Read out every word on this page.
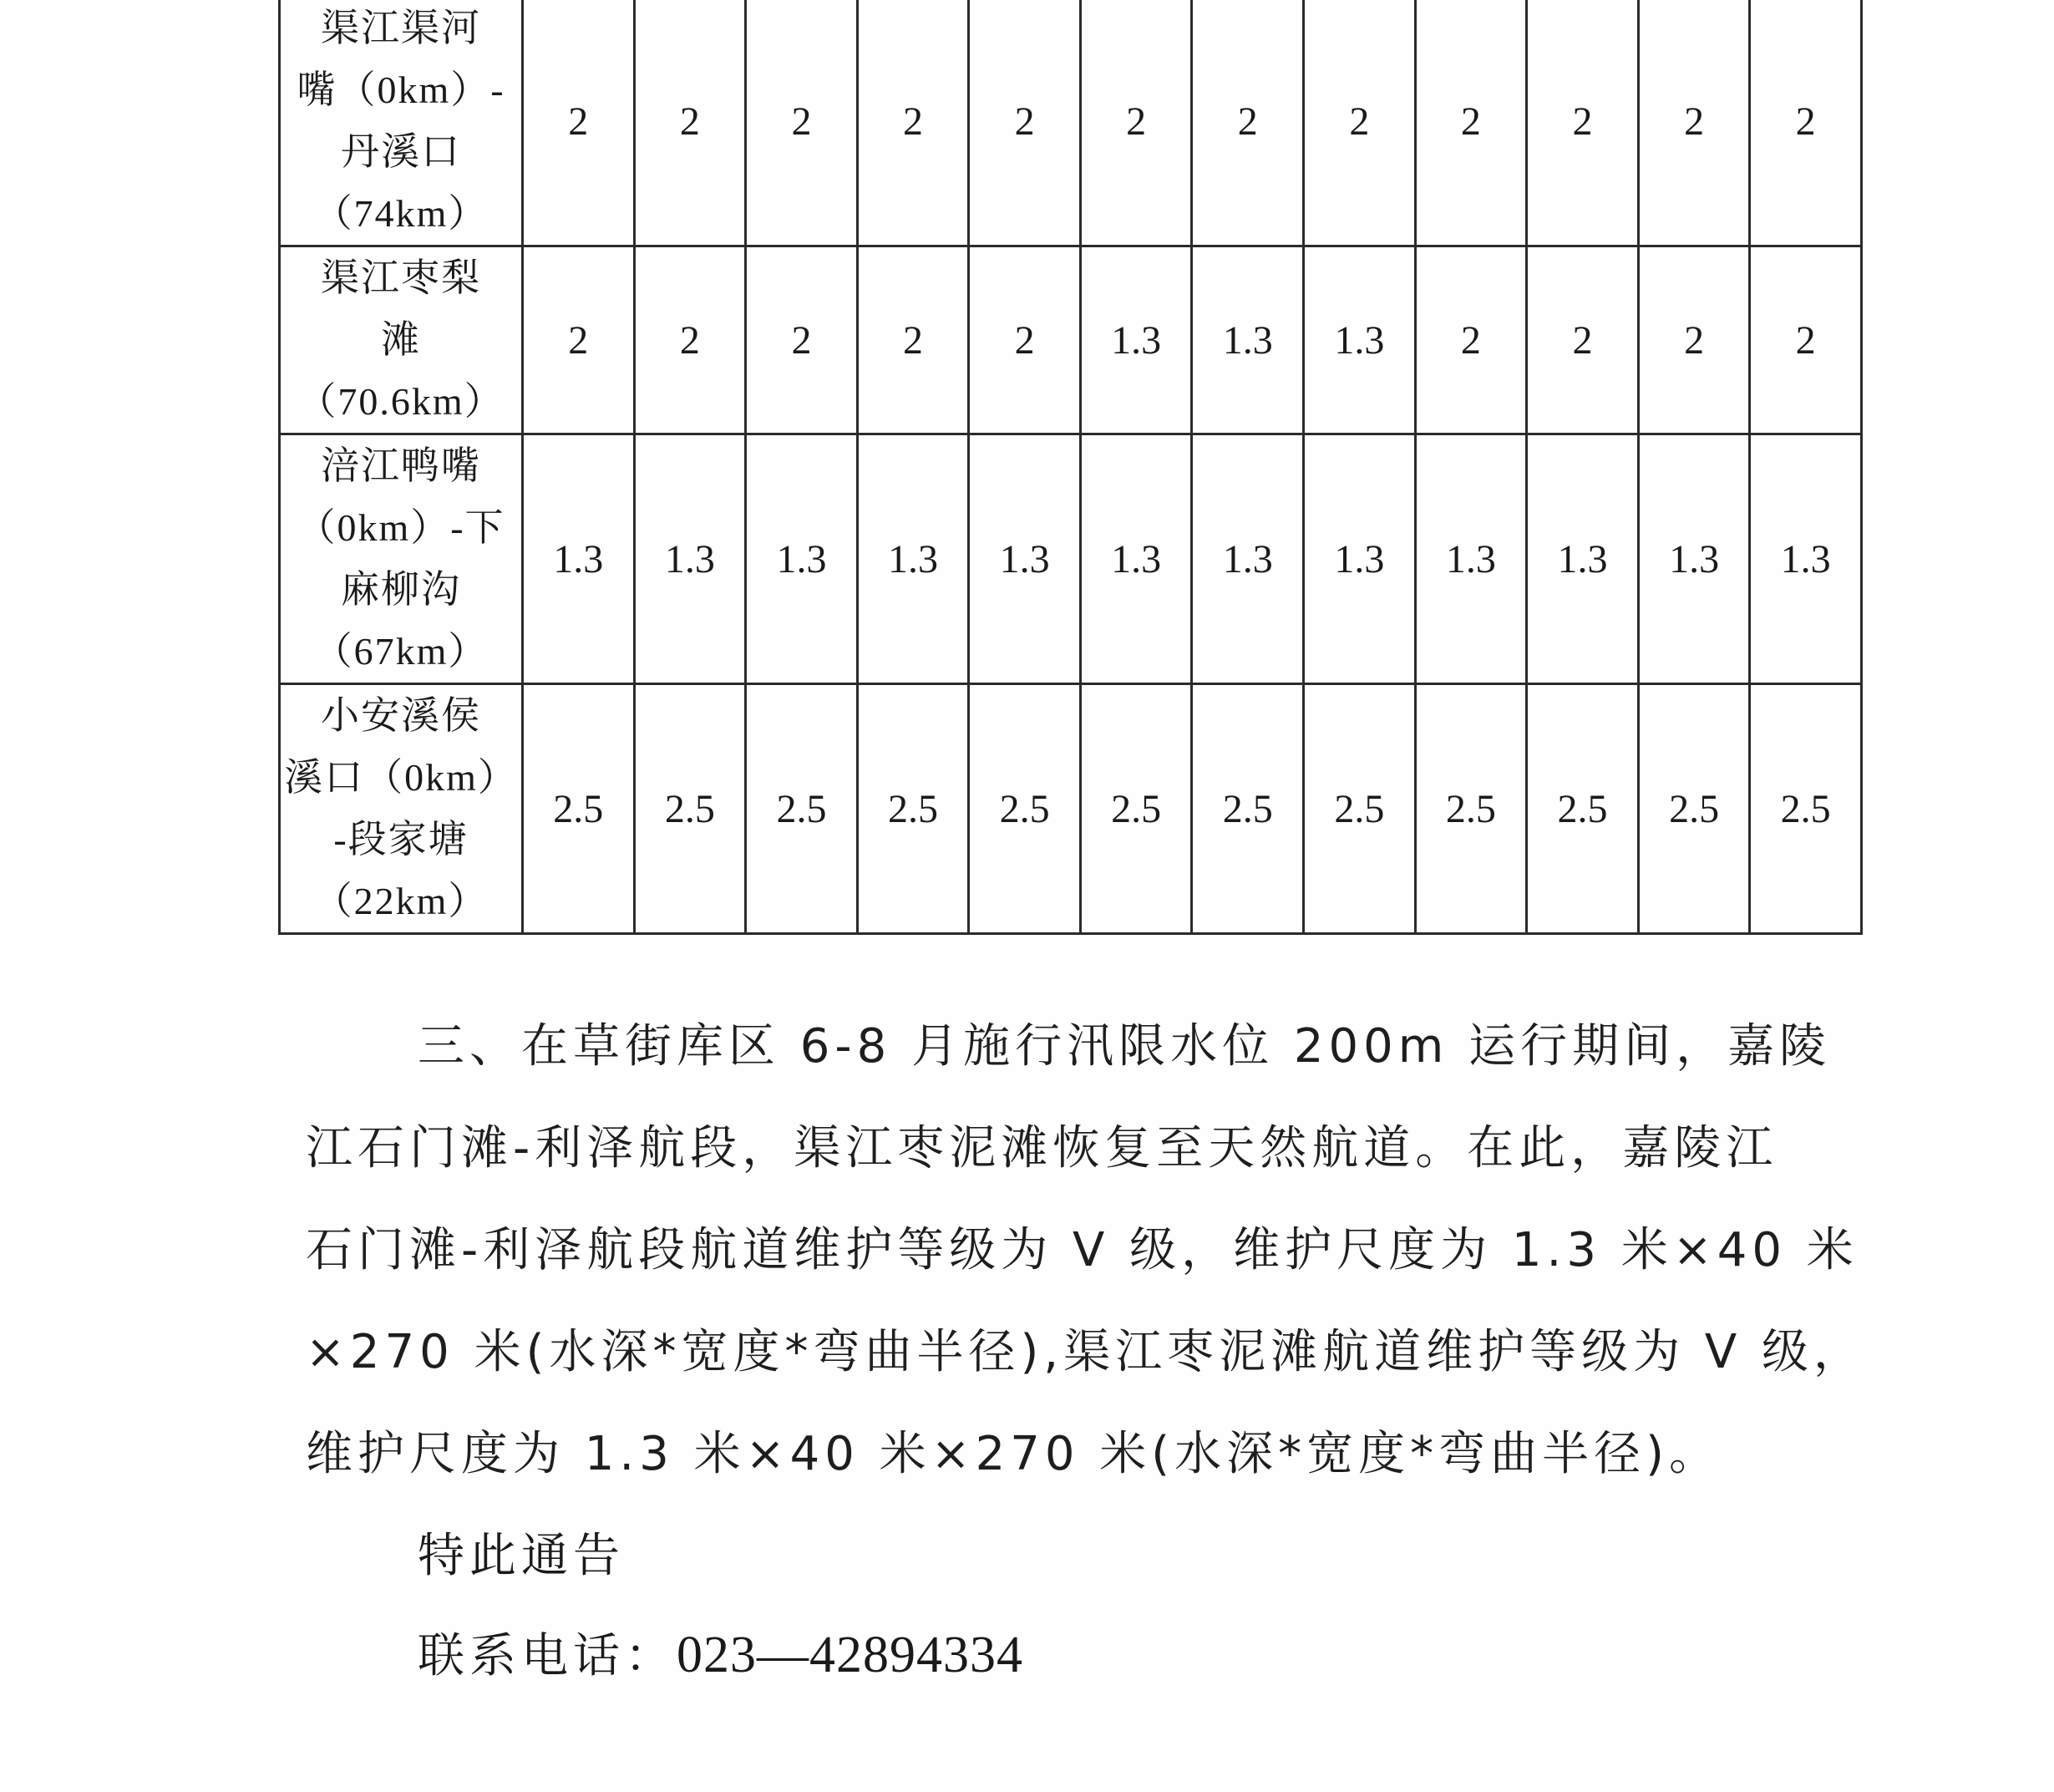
渠江渠河
嘴（0km）-
丹溪口
（74km）	2	2	2	2	2	2	2	2	2	2	2	2

渠江枣梨
滩
（70.6km）	2	2	2	2	2	1.3	1.3	1.3	2	2	2	2

涪江鸭嘴
（0km）-下
麻柳沟
（67km）	1.3	1.3	1.3	1.3	1.3	1.3	1.3	1.3	1.3	1.3	1.3	1.3

小安溪侯
溪口（0km）
-段家塘
（22km）	2.5	2.5	2.5	2.5	2.5	2.5	2.5	2.5	2.5	2.5	2.5	2.5
三、在草街库区 6-8 月施行汛限水位 200m 运行期间，嘉陵
江石门滩-利泽航段，渠江枣泥滩恢复至天然航道。在此，嘉陵江
石门滩-利泽航段航道维护等级为 V 级，维护尺度为 1.3 米×40 米
×270 米(水深*宽度*弯曲半径),渠江枣泥滩航道维护等级为 V 级，
维护尺度为 1.3 米×40 米×270 米(水深*宽度*弯曲半径)。
特此通告
联系电话：023—42894334
